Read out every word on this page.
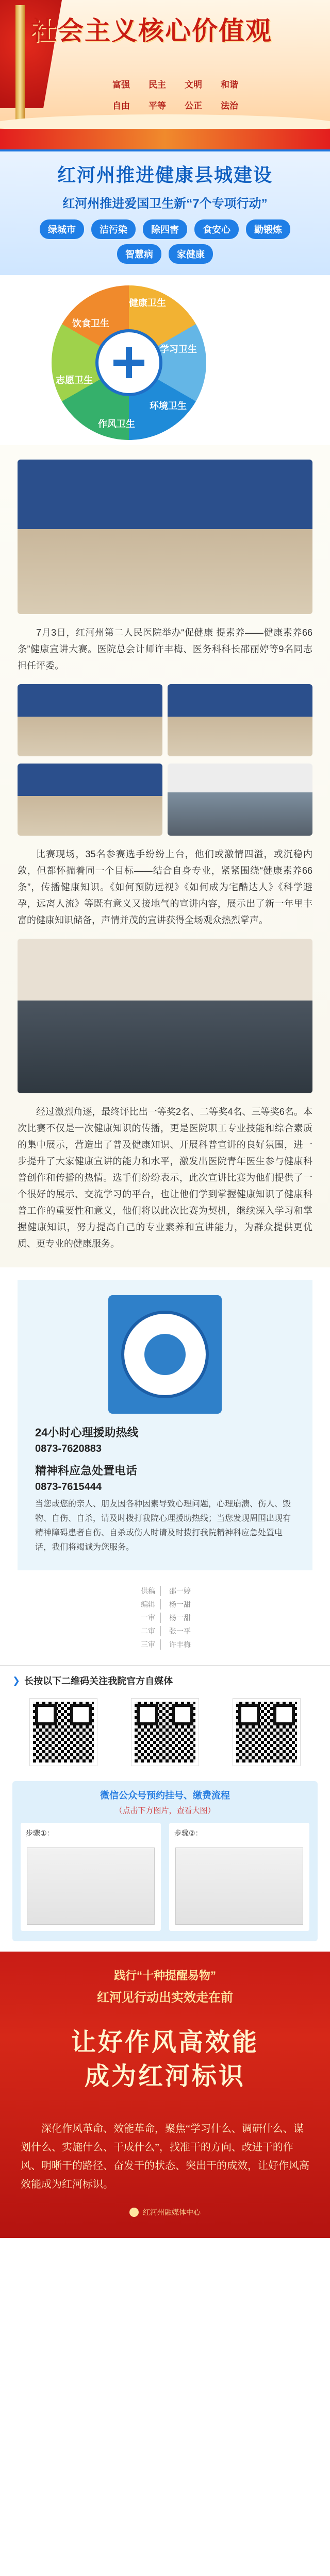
社会主义核心价值观
富强	民主	文明	和谐
自由	平等	公正	法治
红河州推进健康县城建设
红河州推进爱国卫生新“7个专项行动”
绿城市	洁污染	除四害	食安心	勤锻炼
智慧病	家健康
健康卫生
学习卫生
环境卫生
作风卫生
志愿卫生
饮食卫生

7月3日，红河州第二人民医院举办“促健康 提素养——健康素养66条”健康宣讲大赛。医院总会计师许丰梅、医务科科长邵丽婷等9名同志担任评委。

比赛现场，35名参赛选手纷纷上台，他们或激情四溢，或沉稳内敛，但都怀揣着同一个目标——结合自身专业，紧紧围绕“健康素养66条”，传播健康知识。《如何预防远视》《如何成为宅酷达人》《科学避孕，远离人流》等既有意义又接地气的宣讲内容，展示出了新一年里丰富的健康知识储备，声情并茂的宣讲获得全场观众热烈掌声。

经过激烈角逐，最终评比出一等奖2名、二等奖4名、三等奖6名。本次比赛不仅是一次健康知识的传播，更是医院职工专业技能和综合素质的集中展示，营造出了普及健康知识、开展科普宣讲的良好氛围，进一步提升了大家健康宣讲的能力和水平，激发出医院青年医生参与健康科普创作和传播的热情。选手们纷纷表示，此次宣讲比赛为他们提供了一个很好的展示、交流学习的平台，也让他们学到掌握健康知识了健康科普工作的重要性和意义，他们将以此次比赛为契机，继续深入学习和掌握健康知识，努力提高自己的专业素养和宣讲能力，为群众提供更优质、更专业的健康服务。

24小时心理援助热线
0873-7620883
精神科应急处置电话
0873-7615444
当您或您的亲人、朋友因各种因素导致心理问题，心理崩溃、伤人、毁物、自伤、自杀，请及时拨打我院心理援助热线；当您发现周围出现有精神障碍患者自伤、自杀或伤人时请及时拨打我院精神科应急处置电话，我们将竭诚为您服务。
供稿	邵一婷
编辑	杨一甜
一审	杨一甜
二审	张一平
三审	许丰梅
❯ 长按以下二维码关注我院官方自媒体
微信公众号预约挂号、缴费流程
（点击下方图片，查看大图）
步骤①：	步骤②：
践行“十种提醒易物”
红河见行动出实效走在前
让好作风高效能
成为红河标识
深化作风革命、效能革命，聚焦“学习什么、调研什么、谋划什么、实施什么、干成什么”，找准干的方向、改进干的作风、明晰干的路径、奋发干的状态、突出干的成效，让好作风高效能成为红河标识。
红河州融媒体中心
